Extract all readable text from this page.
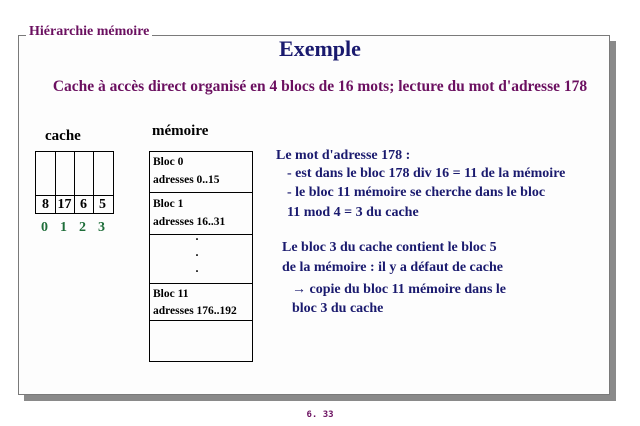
Hiérarchie mémoire
Exemple
Cache à accès direct organisé en 4 blocs de 16 mots; lecture du mot d'adresse 178
cache
8 17 6 5
0 1 2 3
mémoire
Bloc 0
adresses 0..15
Bloc 1
adresses 16..31
·
·
·
Bloc 11
adresses 176..192
Le mot d'adresse 178 :
- est dans le bloc 178 div 16 = 11 de la mémoire
- le bloc 11 mémoire se cherche dans le bloc
11 mod 4 = 3 du cache
Le bloc 3 du cache contient le bloc 5
de la mémoire : il y a défaut de cache
→ copie du bloc 11 mémoire dans le
bloc 3 du cache
6. 33
